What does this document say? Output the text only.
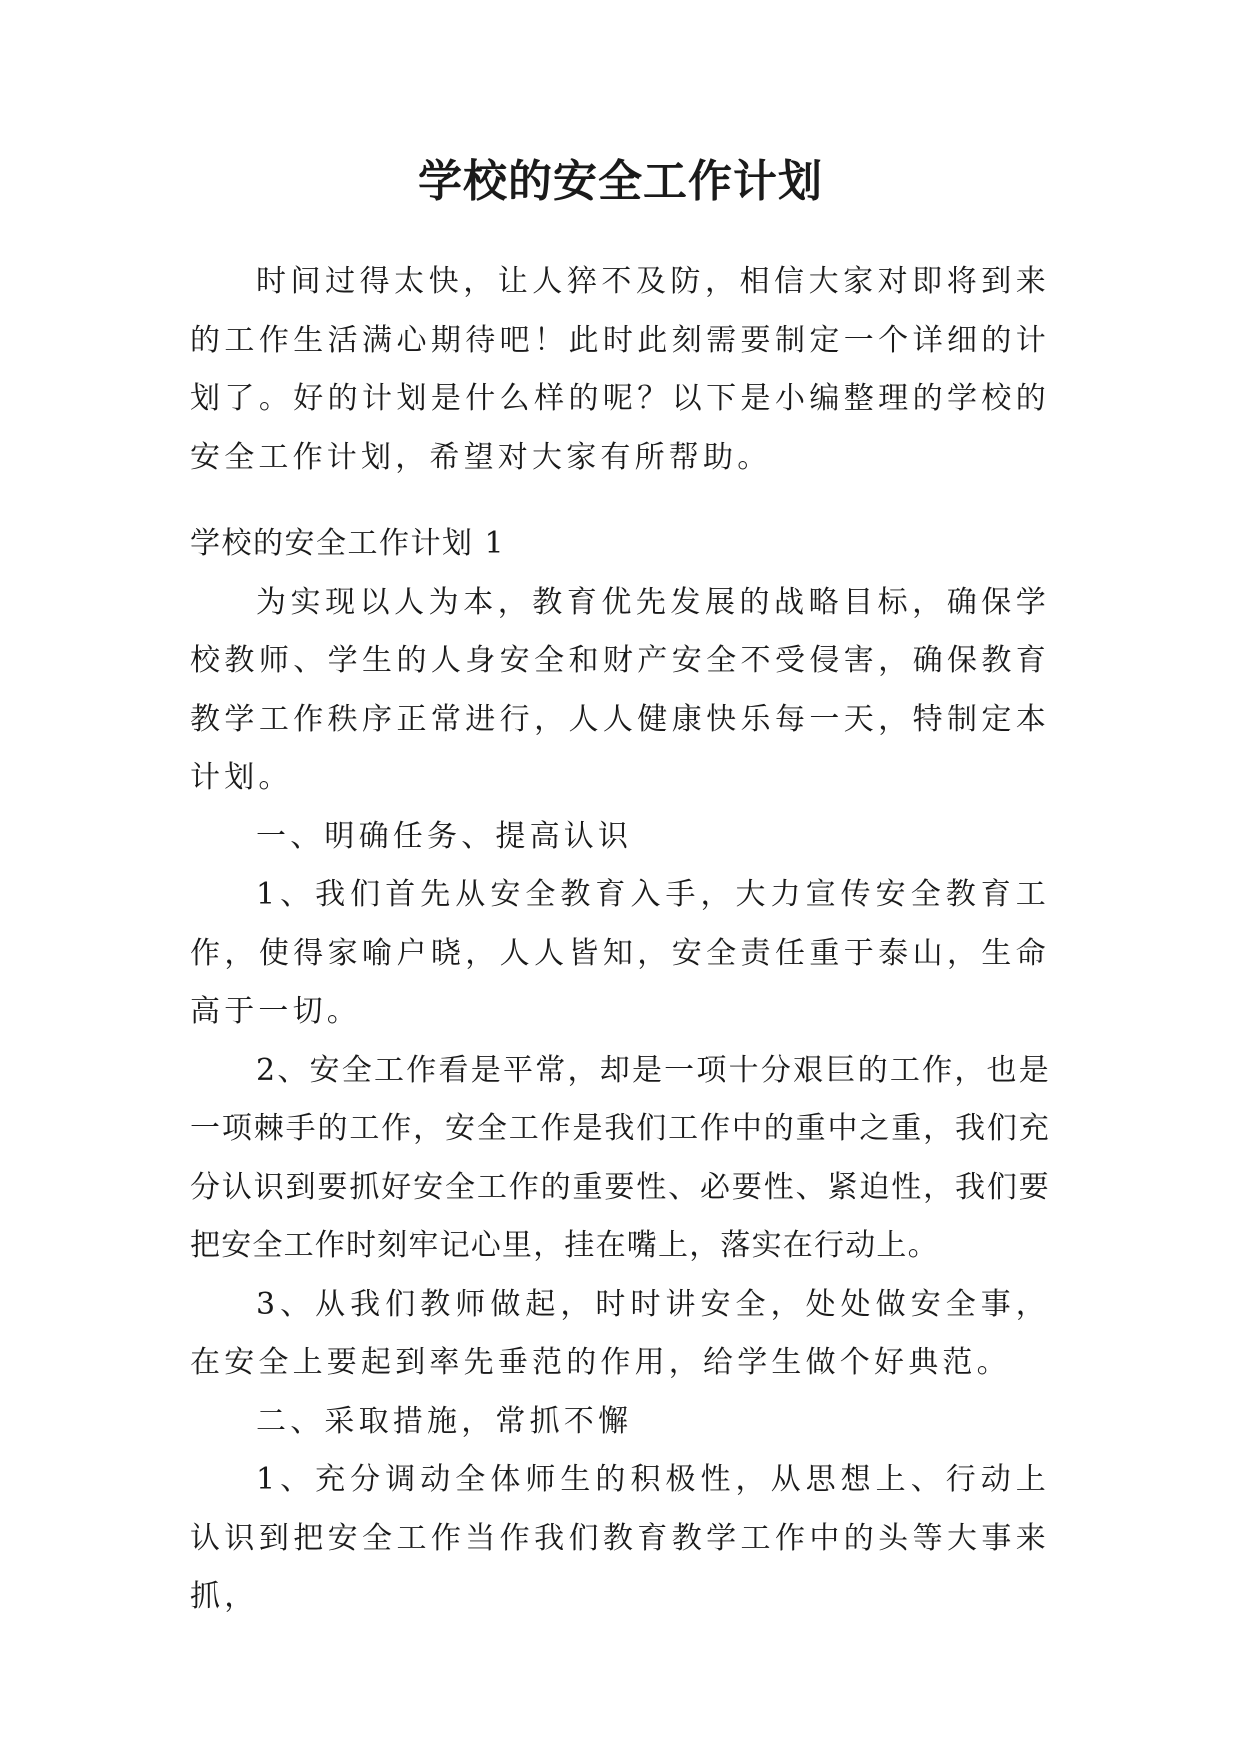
学校的安全工作计划

时间过得太快，让人猝不及防，相信大家对即将到来的工作生活满心期待吧！此时此刻需要制定一个详细的计划了。好的计划是什么样的呢？以下是小编整理的学校的安全工作计划，希望对大家有所帮助。

学校的安全工作计划 1

为实现以人为本，教育优先发展的战略目标，确保学校教师、学生的人身安全和财产安全不受侵害，确保教育教学工作秩序正常进行，人人健康快乐每一天，特制定本计划。

一、明确任务、提高认识

1、我们首先从安全教育入手，大力宣传安全教育工作，使得家喻户晓，人人皆知，安全责任重于泰山，生命高于一切。

2、安全工作看是平常，却是一项十分艰巨的工作，也是一项棘手的工作，安全工作是我们工作中的重中之重，我们充分认识到要抓好安全工作的重要性、必要性、紧迫性，我们要把安全工作时刻牢记心里，挂在嘴上，落实在行动上。

3、从我们教师做起，时时讲安全，处处做安全事，在安全上要起到率先垂范的作用，给学生做个好典范。

二、采取措施，常抓不懈

1、充分调动全体师生的积极性，从思想上、行动上认识到把安全工作当作我们教育教学工作中的头等大事来抓，
